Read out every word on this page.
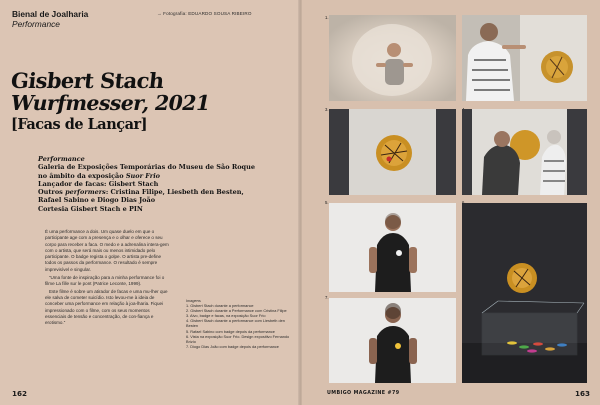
Bienal de Joalharia
Performance
→ Fotografia: EDUARDO SOUSA RIBEIRO
Gisbert Stach
Wurfmesser, 2021
[Facas de Lançar]
Performance
Galeria de Exposições Temporárias do Museu de São Roque
no âmbito da exposição Suor Frio
Lançador de facas: Gisbert Stach
Outros performers: Cristina Filipe, Liesbeth den Besten,
Rafael Sabino e Diogo Dias João
Cortesia Gisbert Stach e PIN

É uma performance a dois. Um quase duelo em que o participante age com a presença e o olhar e oferece o seu corpo para receber a faca. O medo e a adrenalina intera-gem com o artista, que será mais ou menos intimidado pelo participante. O badge regista o golpe. O artista pre-define todos os passos da performance. O resultado é sempre imprevisível e singular.

“Uma fonte de inspiração para a minha performance foi o filme La fille sur le pont (Patrice Leconte, 1999).

Este filme é sobre um atirador de facas e uma mu-lher que ele salva de cometer suicídio. Isto levou-me à ideia de conceber uma performance em relação à joa-lharia. Fiquei impressionado com o filme, com os seus momentos essenciais de tensão e concentração, de con-fiança e erotismo.”

Imagens
1. Gisbert Stach durante a performance
2. Gisbert Stach durante a Performance com Cristina Filipe
3. Alvo, badge e facas, na exposição Suor Frio
4. Gisbert Stach durante a performance com Liesbeth den Besten
5. Rafael Sabino com badge depois da performance
6. Vista na exposição Suor Frio. Design expositivo Fernando Brízio
7. Diogo Dias João com badge depois da performance
162
1.
3.
5.
7.
UMBIGO MAGAZINE #79	163
